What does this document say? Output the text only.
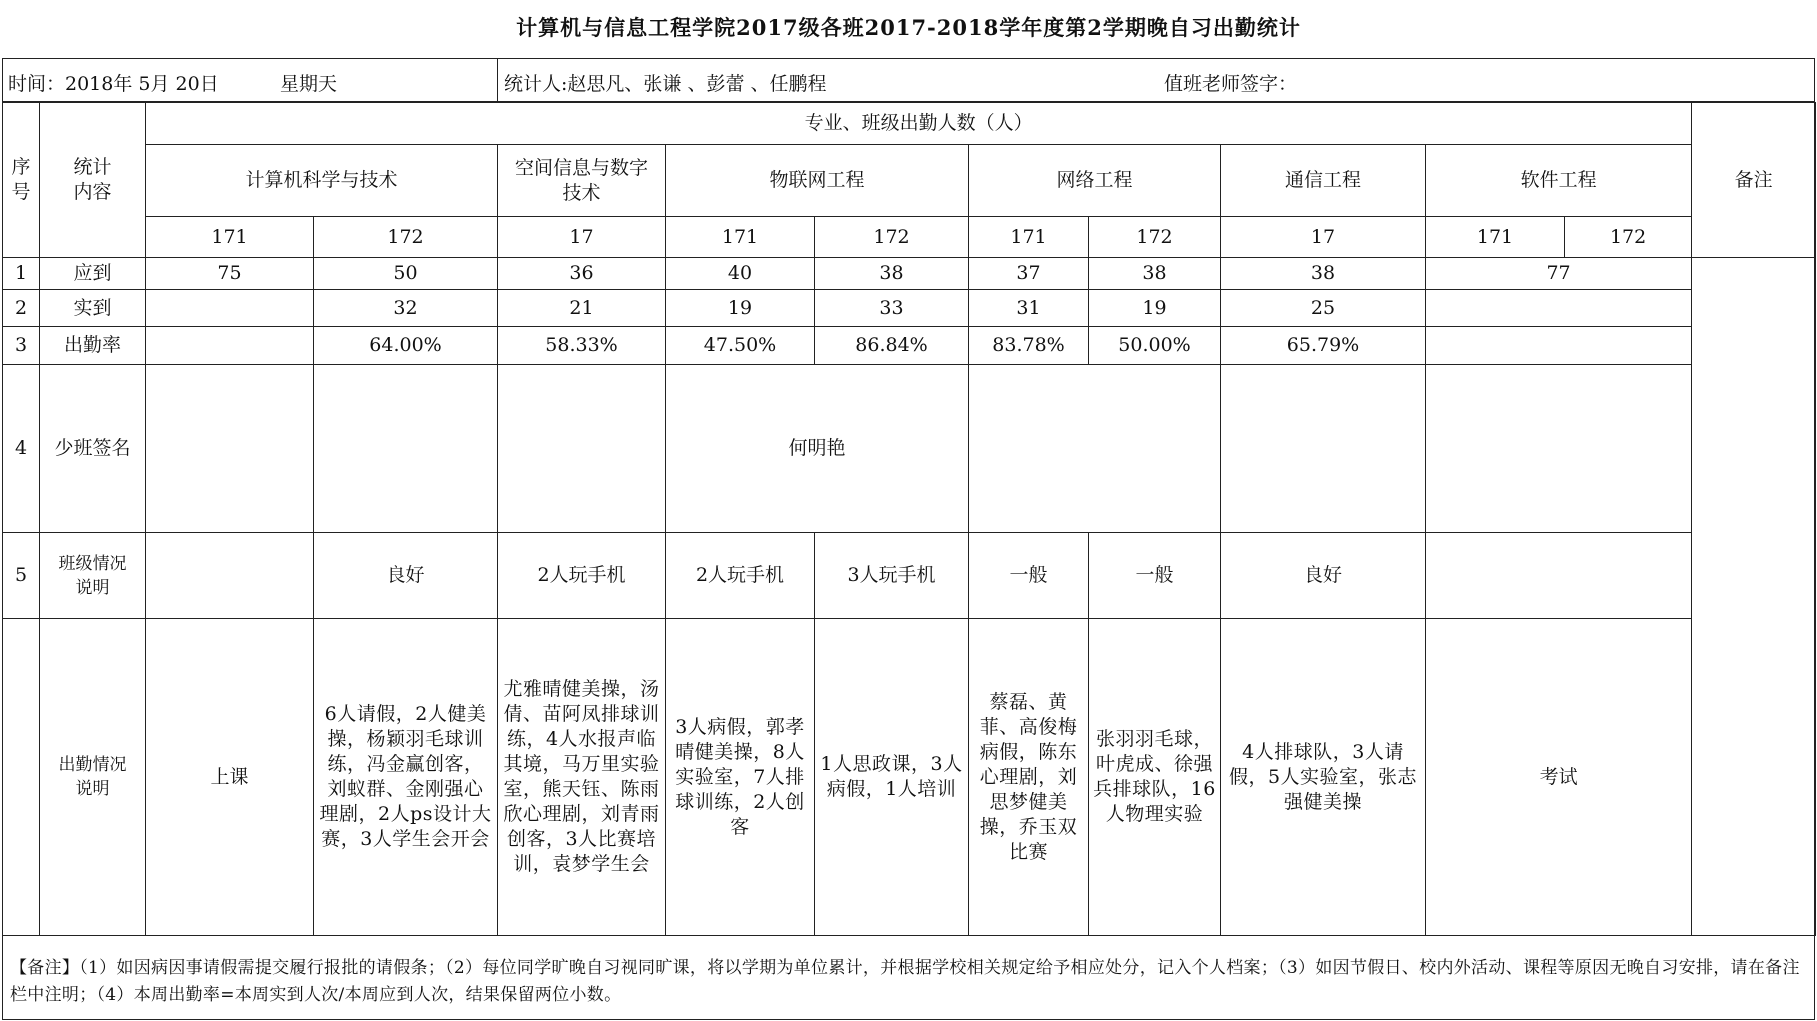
计算机与信息工程学院2017级各班2017-2018学年度第2学期晚自习出勤统计
时间：2018年 5月 20日	星期天	统计人:赵思凡、张谦 、彭蕾 、任鹏程	值班老师签字：
序号	统计
内容	专业、班级出勤人数（人）										备注
		计算机科学与技术		空间信息与数字
技术	物联网工程		网络工程		通信工程	软件工程		
		171	172	17	171	172	171	172	17	171	172	
1	应到	75	50	36	40	38	37	38	38	77		
2	实到		32	21	19	33	31	19	25			
3	出勤率		64.00%	58.33%	47.50%	86.84%	83.78%	50.00%	65.79%			
4	少班签名				何明艳							
5	班级情况
说明		良好	2人玩手机	2人玩手机	3人玩手机	一般	一般	良好			
	出勤情况
说明	上课	6人请假，2人健美操，杨颖羽毛球训练，冯金赢创客，刘蚁群、金刚强心理剧，2人ps设计大赛，3人学生会开会	尤雅晴健美操，汤倩、苗阿凤排球训练，4人水报声临其境，马万里实验室，熊天钰、陈雨欣心理剧，刘青雨创客，3人比赛培训，袁梦学生会	3人病假，郭孝晴健美操，8人实验室，7人排球训练，2人创客	1人思政课，3人病假，1人培训	蔡磊、黄菲、高俊梅病假，陈东心理剧，刘思梦健美操，乔玉双比赛	张羽羽毛球，叶虎成、徐强兵排球队，16人物理实验	4人排球队，3人请假，5人实验室，张志强健美操	考试		
【备注】（1）如因病因事请假需提交履行报批的请假条；（2）每位同学旷晚自习视同旷课，将以学期为单位累计，并根据学校相关规定给予相应处分，记入个人档案；（3）如因节假日、校内外活动、课程等原因无晚自习安排，请在备注栏中注明；（4）本周出勤率=本周实到人次/本周应到人次，结果保留两位小数。
